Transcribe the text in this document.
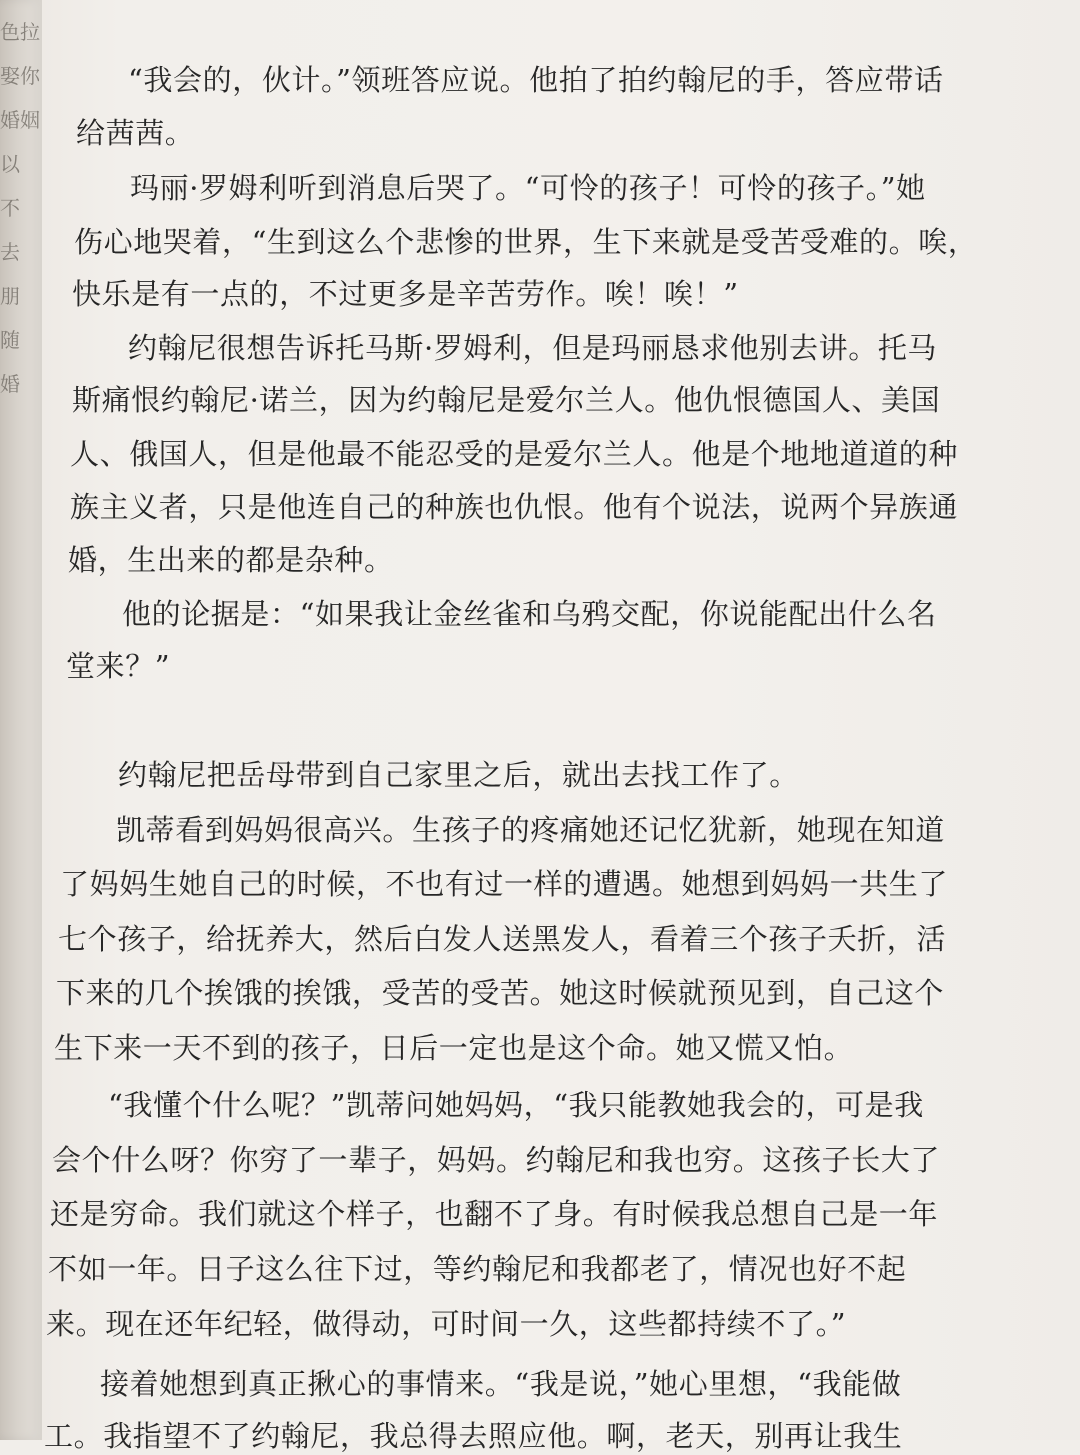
色拉
娶你
婚姻
以
不
去
朋
随
婚
“我会的，伙计。”领班答应说。他拍了拍约翰尼的手，答应带话
给茜茜。
玛丽·罗姆利听到消息后哭了。“可怜的孩子！可怜的孩子。”她
伤心地哭着，“生到这么个悲惨的世界，生下来就是受苦受难的。唉，
快乐是有一点的，不过更多是辛苦劳作。唉！唉！”
约翰尼很想告诉托马斯·罗姆利，但是玛丽恳求他别去讲。托马
斯痛恨约翰尼·诺兰，因为约翰尼是爱尔兰人。他仇恨德国人、美国
人、俄国人，但是他最不能忍受的是爱尔兰人。他是个地地道道的种
族主义者，只是他连自己的种族也仇恨。他有个说法，说两个异族通
婚，生出来的都是杂种。
他的论据是：“如果我让金丝雀和乌鸦交配，你说能配出什么名
堂来？”
约翰尼把岳母带到自己家里之后，就出去找工作了。
凯蒂看到妈妈很高兴。生孩子的疼痛她还记忆犹新，她现在知道
了妈妈生她自己的时候，不也有过一样的遭遇。她想到妈妈一共生了
七个孩子，给抚养大，然后白发人送黑发人，看着三个孩子夭折，活
下来的几个挨饿的挨饿，受苦的受苦。她这时候就预见到，自己这个
生下来一天不到的孩子，日后一定也是这个命。她又慌又怕。
“我懂个什么呢？”凯蒂问她妈妈，“我只能教她我会的，可是我
会个什么呀？你穷了一辈子，妈妈。约翰尼和我也穷。这孩子长大了
还是穷命。我们就这个样子，也翻不了身。有时候我总想自己是一年
不如一年。日子这么往下过，等约翰尼和我都老了，情况也好不起
来。现在还年纪轻，做得动，可时间一久，这些都持续不了。”
接着她想到真正揪心的事情来。“我是说，”她心里想，“我能做
工。我指望不了约翰尼，我总得去照应他。啊，老天，别再让我生
